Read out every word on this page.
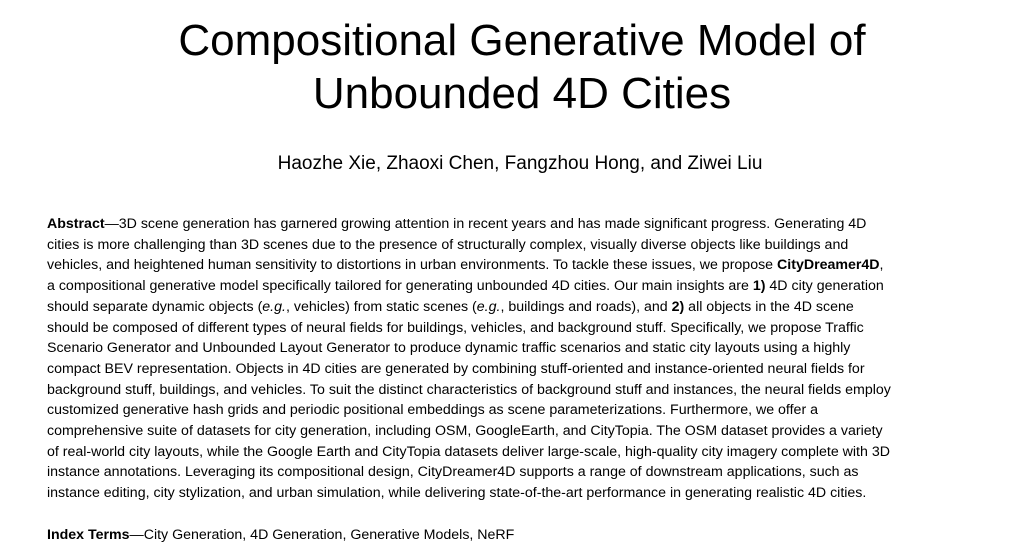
Compositional Generative Model of
Unbounded 4D Cities
Haozhe Xie, Zhaoxi Chen, Fangzhou Hong, and Ziwei Liu
Abstract—3D scene generation has garnered growing attention in recent years and has made significant progress. Generating 4D
cities is more challenging than 3D scenes due to the presence of structurally complex, visually diverse objects like buildings and
vehicles, and heightened human sensitivity to distortions in urban environments. To tackle these issues, we propose CityDreamer4D,
a compositional generative model specifically tailored for generating unbounded 4D cities. Our main insights are 1) 4D city generation
should separate dynamic objects (e.g., vehicles) from static scenes (e.g., buildings and roads), and 2) all objects in the 4D scene
should be composed of different types of neural fields for buildings, vehicles, and background stuff. Specifically, we propose Traffic
Scenario Generator and Unbounded Layout Generator to produce dynamic traffic scenarios and static city layouts using a highly
compact BEV representation. Objects in 4D cities are generated by combining stuff-oriented and instance-oriented neural fields for
background stuff, buildings, and vehicles. To suit the distinct characteristics of background stuff and instances, the neural fields employ
customized generative hash grids and periodic positional embeddings as scene parameterizations. Furthermore, we offer a
comprehensive suite of datasets for city generation, including OSM, GoogleEarth, and CityTopia. The OSM dataset provides a variety
of real-world city layouts, while the Google Earth and CityTopia datasets deliver large-scale, high-quality city imagery complete with 3D
instance annotations. Leveraging its compositional design, CityDreamer4D supports a range of downstream applications, such as
instance editing, city stylization, and urban simulation, while delivering state-of-the-art performance in generating realistic 4D cities.
Index Terms—City Generation, 4D Generation, Generative Models, NeRF
